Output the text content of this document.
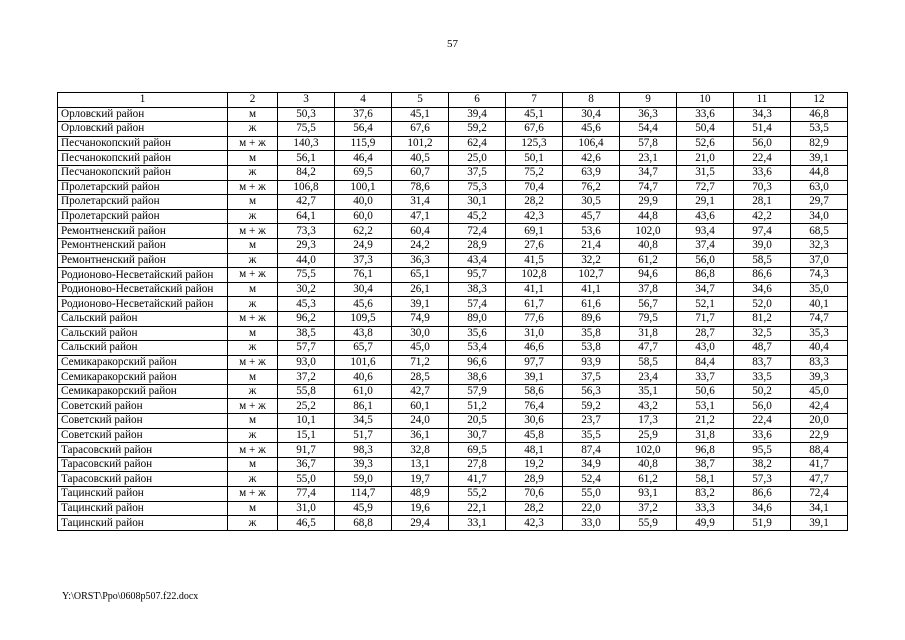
57
1	2	3	4	5	6	7	8	9	10	11	12
Орловский район	м	50,3	37,6	45,1	39,4	45,1	30,4	36,3	33,6	34,3	46,8
Орловский район	ж	75,5	56,4	67,6	59,2	67,6	45,6	54,4	50,4	51,4	53,5
Песчанокопский район	м + ж	140,3	115,9	101,2	62,4	125,3	106,4	57,8	52,6	56,0	82,9
Песчанокопский район	м	56,1	46,4	40,5	25,0	50,1	42,6	23,1	21,0	22,4	39,1
Песчанокопский район	ж	84,2	69,5	60,7	37,5	75,2	63,9	34,7	31,5	33,6	44,8
Пролетарский район	м + ж	106,8	100,1	78,6	75,3	70,4	76,2	74,7	72,7	70,3	63,0
Пролетарский район	м	42,7	40,0	31,4	30,1	28,2	30,5	29,9	29,1	28,1	29,7
Пролетарский район	ж	64,1	60,0	47,1	45,2	42,3	45,7	44,8	43,6	42,2	34,0
Ремонтненский район	м + ж	73,3	62,2	60,4	72,4	69,1	53,6	102,0	93,4	97,4	68,5
Ремонтненский район	м	29,3	24,9	24,2	28,9	27,6	21,4	40,8	37,4	39,0	32,3
Ремонтненский район	ж	44,0	37,3	36,3	43,4	41,5	32,2	61,2	56,0	58,5	37,0
Родионово-Несветайский район	м + ж	75,5	76,1	65,1	95,7	102,8	102,7	94,6	86,8	86,6	74,3
Родионово-Несветайский район	м	30,2	30,4	26,1	38,3	41,1	41,1	37,8	34,7	34,6	35,0
Родионово-Несветайский район	ж	45,3	45,6	39,1	57,4	61,7	61,6	56,7	52,1	52,0	40,1
Сальский район	м + ж	96,2	109,5	74,9	89,0	77,6	89,6	79,5	71,7	81,2	74,7
Сальский район	м	38,5	43,8	30,0	35,6	31,0	35,8	31,8	28,7	32,5	35,3
Сальский район	ж	57,7	65,7	45,0	53,4	46,6	53,8	47,7	43,0	48,7	40,4
Семикаракорский район	м + ж	93,0	101,6	71,2	96,6	97,7	93,9	58,5	84,4	83,7	83,3
Семикаракорский район	м	37,2	40,6	28,5	38,6	39,1	37,5	23,4	33,7	33,5	39,3
Семикаракорский район	ж	55,8	61,0	42,7	57,9	58,6	56,3	35,1	50,6	50,2	45,0
Советский район	м + ж	25,2	86,1	60,1	51,2	76,4	59,2	43,2	53,1	56,0	42,4
Советский район	м	10,1	34,5	24,0	20,5	30,6	23,7	17,3	21,2	22,4	20,0
Советский район	ж	15,1	51,7	36,1	30,7	45,8	35,5	25,9	31,8	33,6	22,9
Тарасовский район	м + ж	91,7	98,3	32,8	69,5	48,1	87,4	102,0	96,8	95,5	88,4
Тарасовский район	м	36,7	39,3	13,1	27,8	19,2	34,9	40,8	38,7	38,2	41,7
Тарасовский район	ж	55,0	59,0	19,7	41,7	28,9	52,4	61,2	58,1	57,3	47,7
Тацинский район	м + ж	77,4	114,7	48,9	55,2	70,6	55,0	93,1	83,2	86,6	72,4
Тацинский район	м	31,0	45,9	19,6	22,1	28,2	22,0	37,2	33,3	34,6	34,1
Тацинский район	ж	46,5	68,8	29,4	33,1	42,3	33,0	55,9	49,9	51,9	39,1
Y:\ORST\Ppo\0608p507.f22.docx
